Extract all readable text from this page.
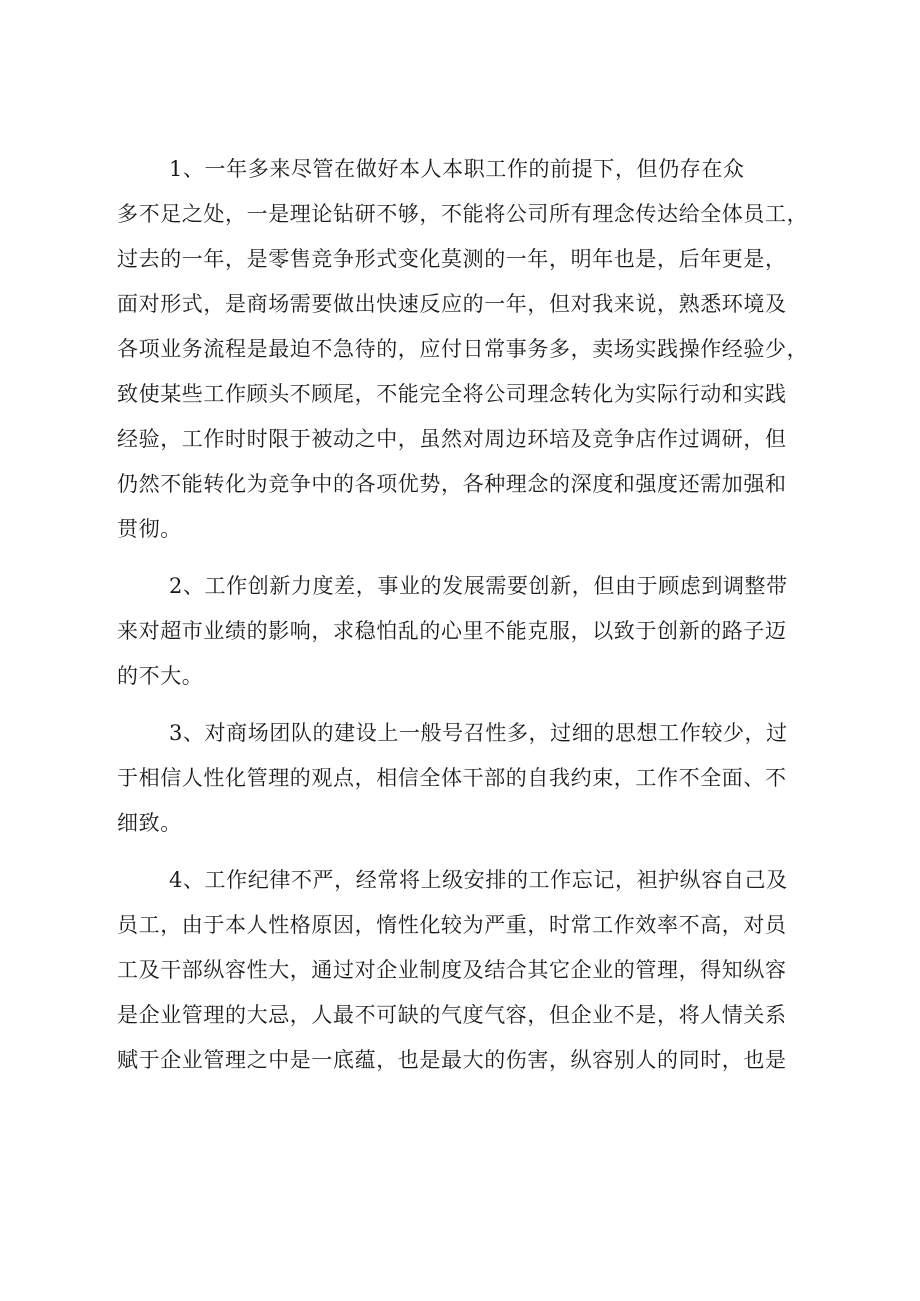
1、一年多来尽管在做好本人本职工作的前提下，但仍存在众
多不足之处，一是理论钻研不够，不能将公司所有理念传达给全体员工，
过去的一年，是零售竞争形式变化莫测的一年，明年也是，后年更是，
面对形式，是商场需要做出快速反应的一年，但对我来说，熟悉环境及
各项业务流程是最迫不急待的，应付日常事务多，卖场实践操作经验少，
致使某些工作顾头不顾尾，不能完全将公司理念转化为实际行动和实践
经验，工作时时限于被动之中，虽然对周边环培及竞争店作过调研，但
仍然不能转化为竞争中的各项优势，各种理念的深度和强度还需加强和
贯彻。
2、工作创新力度差，事业的发展需要创新，但由于顾虑到调整带
来对超市业绩的影响，求稳怕乱的心里不能克服，以致于创新的路子迈
的不大。
3、对商场团队的建设上一般号召性多，过细的思想工作较少，过
于相信人性化管理的观点，相信全体干部的自我约束，工作不全面、不
细致。
4、工作纪律不严，经常将上级安排的工作忘记，袒护纵容自己及
员工，由于本人性格原因，惰性化较为严重，时常工作效率不高，对员
工及干部纵容性大，通过对企业制度及结合其它企业的管理，得知纵容
是企业管理的大忌，人最不可缺的气度气容，但企业不是，将人情关系
赋于企业管理之中是一底蕴，也是最大的伤害，纵容别人的同时，也是
